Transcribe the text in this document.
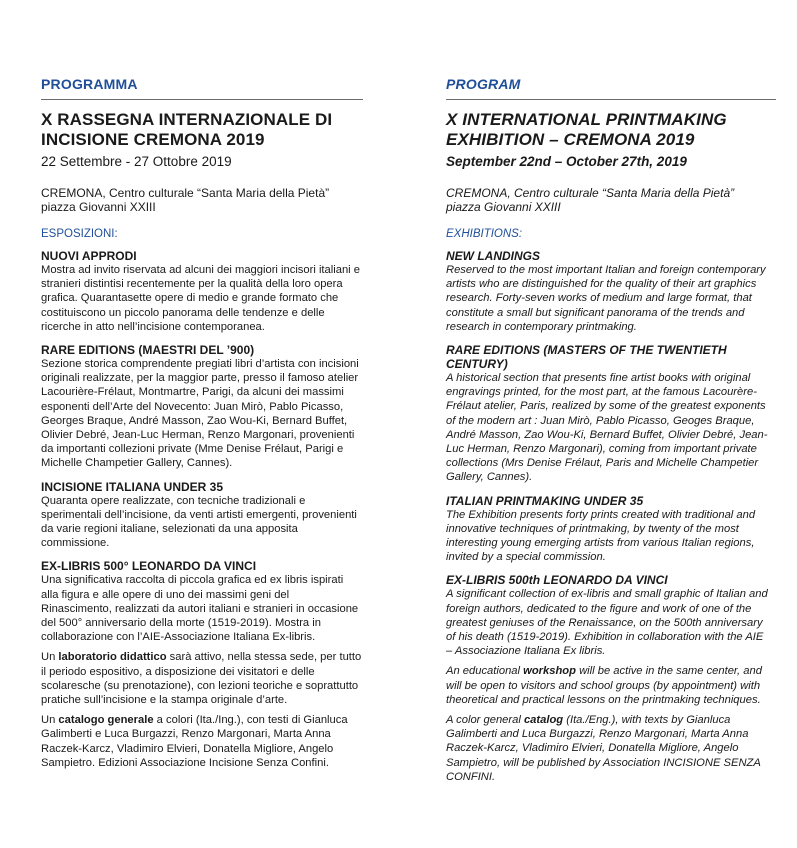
PROGRAMMA	PROGRAM
X RASSEGNA INTERNAZIONALE DI
INCISIONE CREMONA 2019
22 Settembre - 27 Ottobre 2019
CREMONA, Centro culturale “Santa Maria della Pietà”
piazza Giovanni XXIII
ESPOSIZIONI:
NUOVI APPRODI
Mostra ad invito riservata ad alcuni dei maggiori incisori italiani e stranieri distintisi recentemente per la qualità della loro opera grafica. Quarantasette opere di medio e grande formato che costituiscono un piccolo panorama delle tendenze e delle ricerche in atto nell’incisione contemporanea.
RARE EDITIONS (MAESTRI DEL ’900)
Sezione storica comprendente pregiati libri d’artista con incisioni originali realizzate, per la maggior parte, presso il famoso atelier Lacourière-Frélaut, Montmartre, Parigi, da alcuni dei massimi esponenti dell’Arte del Novecento: Juan Mirò, Pablo Picasso, Georges Braque, André Masson, Zao Wou-Ki, Bernard Buffet, Olivier Debré, Jean-Luc Herman, Renzo Margonari, provenienti da importanti collezioni private (Mme Denise Frélaut, Parigi e Michelle Champetier Gallery, Cannes).
INCISIONE ITALIANA UNDER 35
Quaranta opere realizzate, con tecniche tradizionali e sperimentali dell’incisione, da venti artisti emergenti, provenienti da varie regioni italiane, selezionati da una apposita commissione.
EX-LIBRIS 500° LEONARDO DA VINCI
Una significativa raccolta di piccola grafica ed ex libris ispirati alla figura e alle opere di uno dei massimi geni del Rinascimento, realizzati da autori italiani e stranieri in occasione del 500° anniversario della morte (1519-2019). Mostra in collaborazione con l’AIE-Associazione Italiana Ex-libris.
Un laboratorio didattico sarà attivo, nella stessa sede, per tutto il periodo espositivo, a disposizione dei visitatori e delle scolaresche (su prenotazione), con lezioni teoriche e soprattutto pratiche sull’incisione e la stampa originale d’arte.
Un catalogo generale a colori (Ita./Ing.), con testi di Gianluca Galimberti e Luca Burgazzi, Renzo Margonari, Marta Anna Raczek-Karcz, Vladimiro Elvieri, Donatella Migliore, Angelo Sampietro. Edizioni Associazione Incisione Senza Confini.
X INTERNATIONAL PRINTMAKING
EXHIBITION – CREMONA 2019
September 22nd – October 27th, 2019
CREMONA, Centro culturale “Santa Maria della Pietà”
piazza Giovanni XXIII
EXHIBITIONS:
NEW LANDINGS
Reserved to the most important Italian and foreign contemporary artists who are distinguished for the quality of their art graphics research. Forty-seven works of medium and large format, that constitute a small but significant panorama of the trends and research in contemporary printmaking.
RARE EDITIONS (MASTERS OF THE TWENTIETH CENTURY)
A historical section that presents fine artist books with original engravings printed, for the most part, at the famous Lacourère-Frélaut atelier, Paris, realized by some of the greatest exponents of the modern art : Juan Mirò, Pablo Picasso, Geoges Braque, André Masson, Zao Wou-Ki, Bernard Buffet, Olivier Debré, Jean-Luc Herman, Renzo Margonari), coming from important private collections (Mrs Denise Frélaut, Paris and Michelle Champetier Gallery, Cannes).
ITALIAN PRINTMAKING UNDER 35
The Exhibition presents forty prints created with traditional and innovative techniques of printmaking, by twenty of the most interesting young emerging artists from various Italian regions, invited by a special commission.
EX-LIBRIS 500th LEONARDO DA VINCI
A significant collection of ex-libris and small graphic of Italian and foreign authors, dedicated to the figure and work of one of the greatest geniuses of the Renaissance, on the 500th anniversary of his death (1519-2019). Exhibition in collaboration with the AIE – Associazione Italiana Ex libris.
An educational workshop will be active in the same center, and will be open to visitors and school groups (by appointment) with theoretical and practical lessons on the printmaking techniques.
A color general catalog (Ita./Eng.), with texts by Gianluca Galimberti and Luca Burgazzi, Renzo Margonari, Marta Anna Raczek-Karcz, Vladimiro Elvieri, Donatella Migliore, Angelo Sampietro, will be published by Association INCISIONE SENZA CONFINI.
